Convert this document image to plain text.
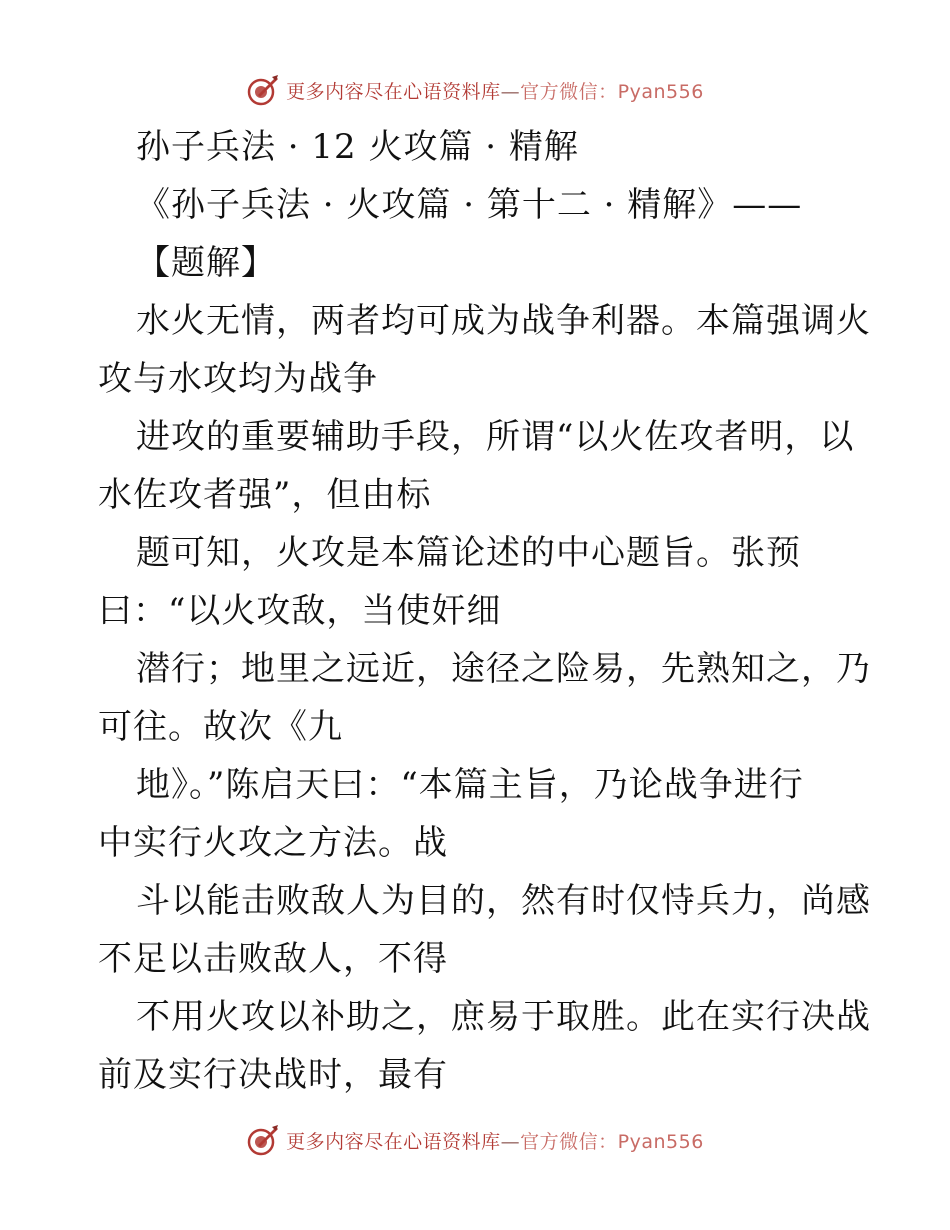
更多内容尽在心语资料库—官方微信：Pyan556
孙子兵法 · 12 火攻篇 · 精解
《孙子兵法 · 火攻篇 · 第十二 · 精解》——
【题解】
水火无情，两者均可成为战争利器。本篇强调火
攻与水攻均为战争
进攻的重要辅助手段，所谓“以火佐攻者明，以
水佐攻者强”，但由标
题可知，火攻是本篇论述的中心题旨。张预
曰：“以火攻敌，当使奸细
潜行；地里之远近，途径之险易，先熟知之，乃
可往。故次《九
地》。”陈启天曰：“本篇主旨，乃论战争进行
中实行火攻之方法。战
斗以能击败敌人为目的，然有时仅恃兵力，尚感
不足以击败敌人，不得
不用火攻以补助之，庶易于取胜。此在实行决战
前及实行决战时，最有
更多内容尽在心语资料库—官方微信：Pyan556
